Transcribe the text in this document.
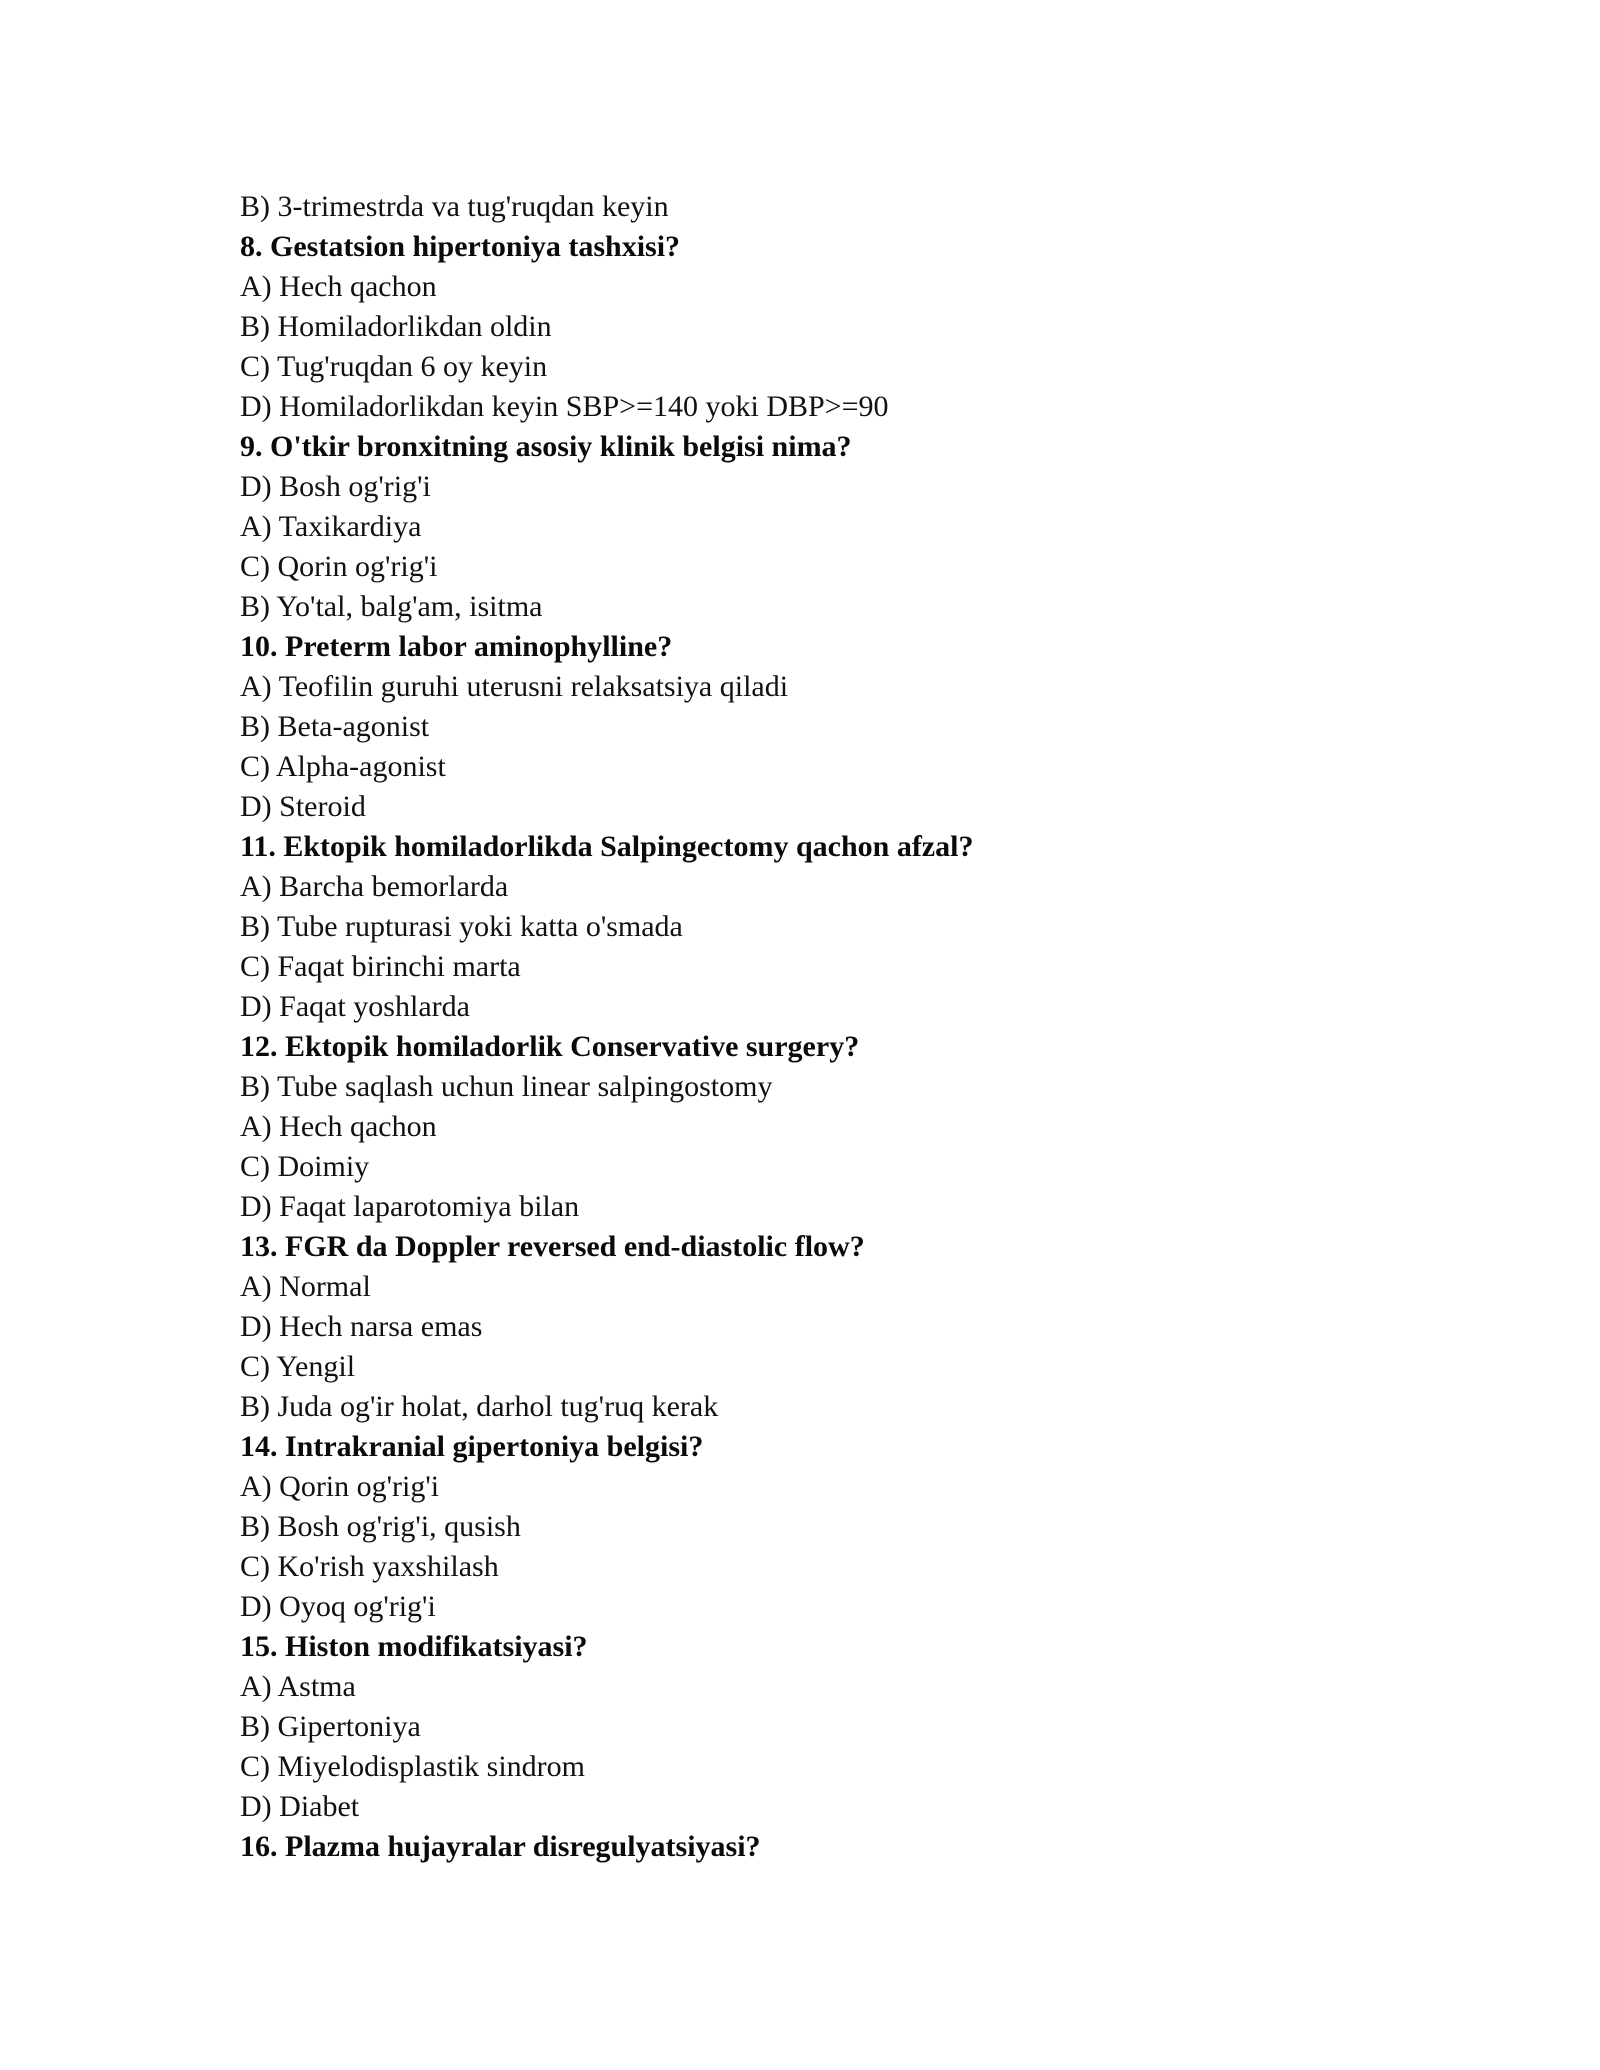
B) 3-trimestrda va tug'ruqdan keyin
8. Gestatsion hipertoniya tashxisi?
A) Hech qachon
B) Homiladorlikdan oldin
C) Tug'ruqdan 6 oy keyin
D) Homiladorlikdan keyin SBP>=140 yoki DBP>=90
9. O'tkir bronxitning asosiy klinik belgisi nima?
D) Bosh og'rig'i
A) Taxikardiya
C) Qorin og'rig'i
B) Yo'tal, balg'am, isitma
10. Preterm labor aminophylline?
A) Teofilin guruhi uterusni relaksatsiya qiladi
B) Beta-agonist
C) Alpha-agonist
D) Steroid
11. Ektopik homiladorlikda Salpingectomy qachon afzal?
A) Barcha bemorlarda
B) Tube rupturasi yoki katta o'smada
C) Faqat birinchi marta
D) Faqat yoshlarda
12. Ektopik homiladorlik Conservative surgery?
B) Tube saqlash uchun linear salpingostomy
A) Hech qachon
C) Doimiy
D) Faqat laparotomiya bilan
13. FGR da Doppler reversed end-diastolic flow?
A) Normal
D) Hech narsa emas
C) Yengil
B) Juda og'ir holat, darhol tug'ruq kerak
14. Intrakranial gipertoniya belgisi?
A) Qorin og'rig'i
B) Bosh og'rig'i, qusish
C) Ko'rish yaxshilash
D) Oyoq og'rig'i
15. Histon modifikatsiyasi?
A) Astma
B) Gipertoniya
C) Miyelodisplastik sindrom
D) Diabet
16. Plazma hujayralar disregulyatsiyasi?
